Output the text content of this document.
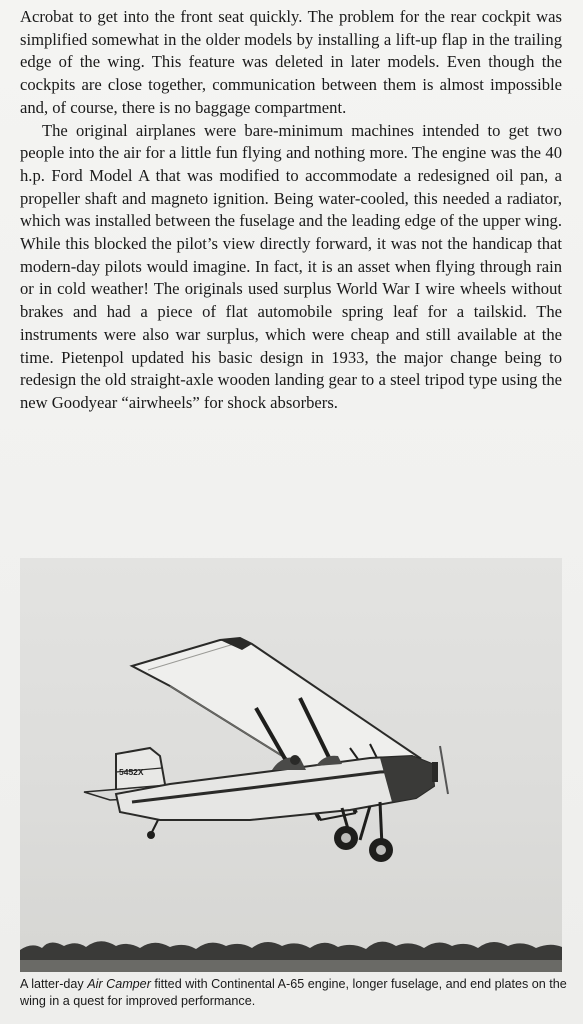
Acrobat to get into the front seat quickly. The problem for the rear cockpit was simplified somewhat in the older models by installing a lift-up flap in the trailing edge of the wing. This feature was deleted in later models. Even though the cockpits are close together, communication between them is almost impossible and, of course, there is no baggage compartment.

The original airplanes were bare-minimum machines intended to get two people into the air for a little fun flying and nothing more. The engine was the 40 h.p. Ford Model A that was modified to accommodate a redesigned oil pan, a propeller shaft and magneto ignition. Being water-cooled, this needed a radiator, which was installed between the fuselage and the leading edge of the upper wing. While this blocked the pilot’s view directly forward, it was not the handicap that modern-day pilots would imagine. In fact, it is an asset when flying through rain or in cold weather! The originals used surplus World War I wire wheels without brakes and had a piece of flat automobile spring leaf for a tailskid. The instruments were also war surplus, which were cheap and still available at the time. Pietenpol updated his basic design in 1933, the major change being to redesign the old straight-axle wooden landing gear to a steel tripod type using the new Goodyear “airwheels” for shock absorbers.

5452X
A latter-day Air Camper fitted with Continental A-65 engine, longer fuselage, and end plates on the wing in a quest for improved performance.
